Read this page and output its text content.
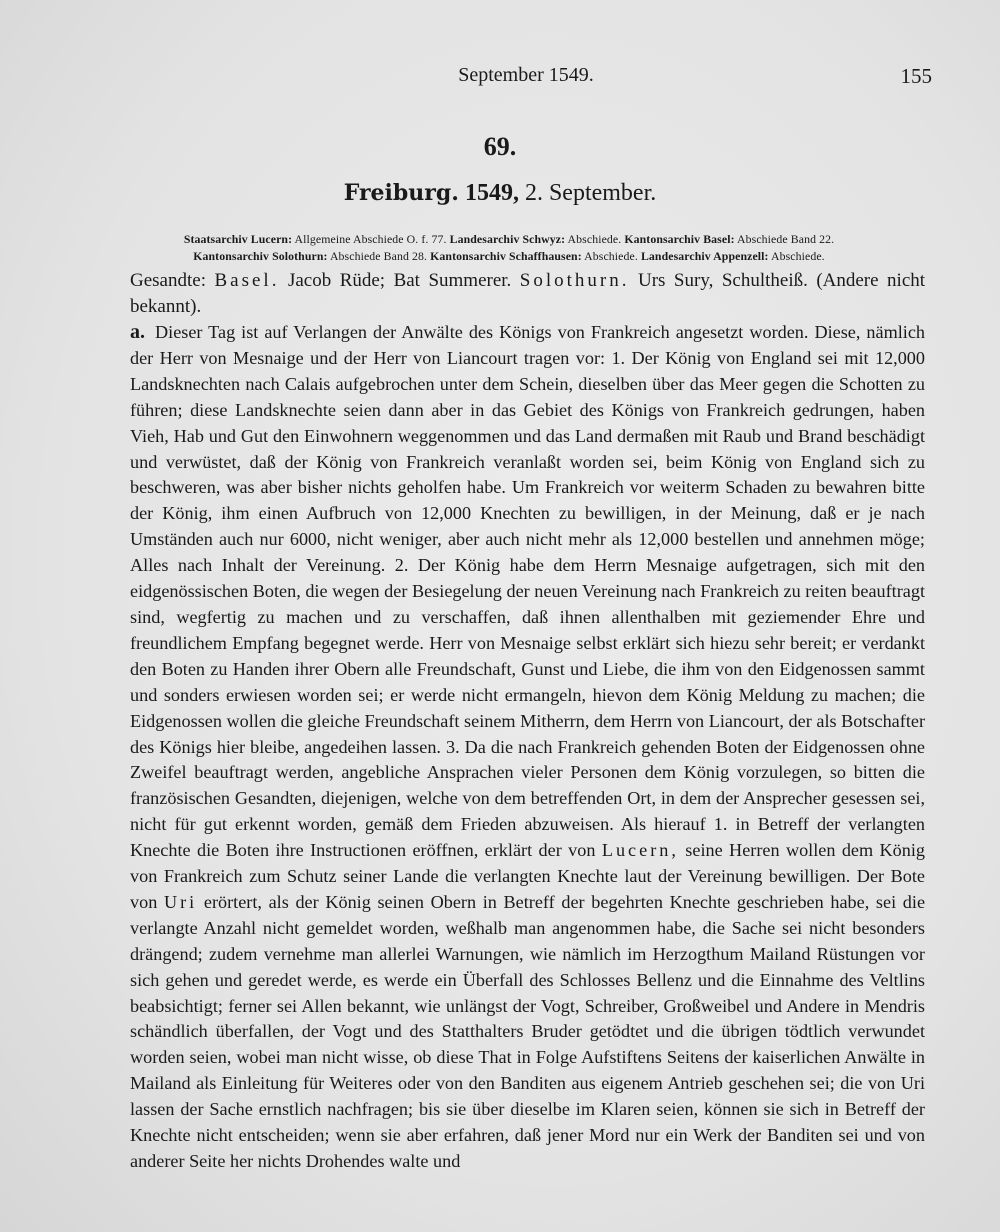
September 1549.	155
69.
Freiburg. 1549, 2. September.
Staatsarchiv Lucern: Allgemeine Abschiede O. f. 77. Landesarchiv Schwyz: Abschiede. Kantonsarchiv Basel: Abschiede Band 22.
Kantonsarchiv Solothurn: Abschiede Band 28. Kantonsarchiv Schaffhausen: Abschiede. Landesarchiv Appenzell: Abschiede.
Gesandte: Basel. Jacob Rüde; Bat Summerer. Solothurn. Urs Sury, Schultheiß. (Andere nicht bekannt).
a. Dieser Tag ist auf Verlangen der Anwälte des Königs von Frankreich angesetzt worden. Diese, nämlich der Herr von Mesnaige und der Herr von Liancourt tragen vor: 1. Der König von England sei mit 12,000 Landsknechten nach Calais aufgebrochen unter dem Schein, dieselben über das Meer gegen die Schotten zu führen; diese Landsknechte seien dann aber in das Gebiet des Königs von Frankreich gedrungen, haben Vieh, Hab und Gut den Einwohnern weggenommen und das Land dermaßen mit Raub und Brand beschädigt und verwüstet, daß der König von Frankreich veranlaßt worden sei, beim König von England sich zu beschweren, was aber bisher nichts geholfen habe. Um Frankreich vor weiterm Schaden zu bewahren bitte der König, ihm einen Aufbruch von 12,000 Knechten zu bewilligen, in der Meinung, daß er je nach Umständen auch nur 6000, nicht weniger, aber auch nicht mehr als 12,000 bestellen und annehmen möge; Alles nach Inhalt der Vereinung. 2. Der König habe dem Herrn Mesnaige aufgetragen, sich mit den eidgenössischen Boten, die wegen der Besiegelung der neuen Vereinung nach Frankreich zu reiten beauftragt sind, wegfertig zu machen und zu verschaffen, daß ihnen allenthalben mit geziemender Ehre und freundlichem Empfang begegnet werde. Herr von Mesnaige selbst erklärt sich hiezu sehr bereit; er verdankt den Boten zu Handen ihrer Obern alle Freundschaft, Gunst und Liebe, die ihm von den Eidgenossen sammt und sonders erwiesen worden sei; er werde nicht ermangeln, hievon dem König Meldung zu machen; die Eidgenossen wollen die gleiche Freundschaft seinem Mitherrn, dem Herrn von Liancourt, der als Botschafter des Königs hier bleibe, angedeihen lassen. 3. Da die nach Frankreich gehenden Boten der Eidgenossen ohne Zweifel beauftragt werden, angebliche Ansprachen vieler Personen dem König vorzulegen, so bitten die französischen Gesandten, diejenigen, welche von dem betreffenden Ort, in dem der Ansprecher gesessen sei, nicht für gut erkennt worden, gemäß dem Frieden abzuweisen. Als hierauf 1. in Betreff der verlangten Knechte die Boten ihre Instructionen eröffnen, erklärt der von Lucern, seine Herren wollen dem König von Frankreich zum Schutz seiner Lande die verlangten Knechte laut der Vereinung bewilligen. Der Bote von Uri erörtert, als der König seinen Obern in Betreff der begehrten Knechte geschrieben habe, sei die verlangte Anzahl nicht gemeldet worden, weßhalb man angenommen habe, die Sache sei nicht besonders drängend; zudem vernehme man allerlei Warnungen, wie nämlich im Herzogthum Mailand Rüstungen vor sich gehen und geredet werde, es werde ein Überfall des Schlosses Bellenz und die Einnahme des Veltlins beabsichtigt; ferner sei Allen bekannt, wie unlängst der Vogt, Schreiber, Großweibel und Andere in Mendris schändlich überfallen, der Vogt und des Statthalters Bruder getödtet und die übrigen tödtlich verwundet worden seien, wobei man nicht wisse, ob diese That in Folge Aufstiftens Seitens der kaiserlichen Anwälte in Mailand als Einleitung für Weiteres oder von den Banditen aus eigenem Antrieb geschehen sei; die von Uri lassen der Sache ernstlich nachfragen; bis sie über dieselbe im Klaren seien, können sie sich in Betreff der Knechte nicht entscheiden; wenn sie aber erfahren, daß jener Mord nur ein Werk der Banditen sei und von anderer Seite her nichts Drohendes walte und
